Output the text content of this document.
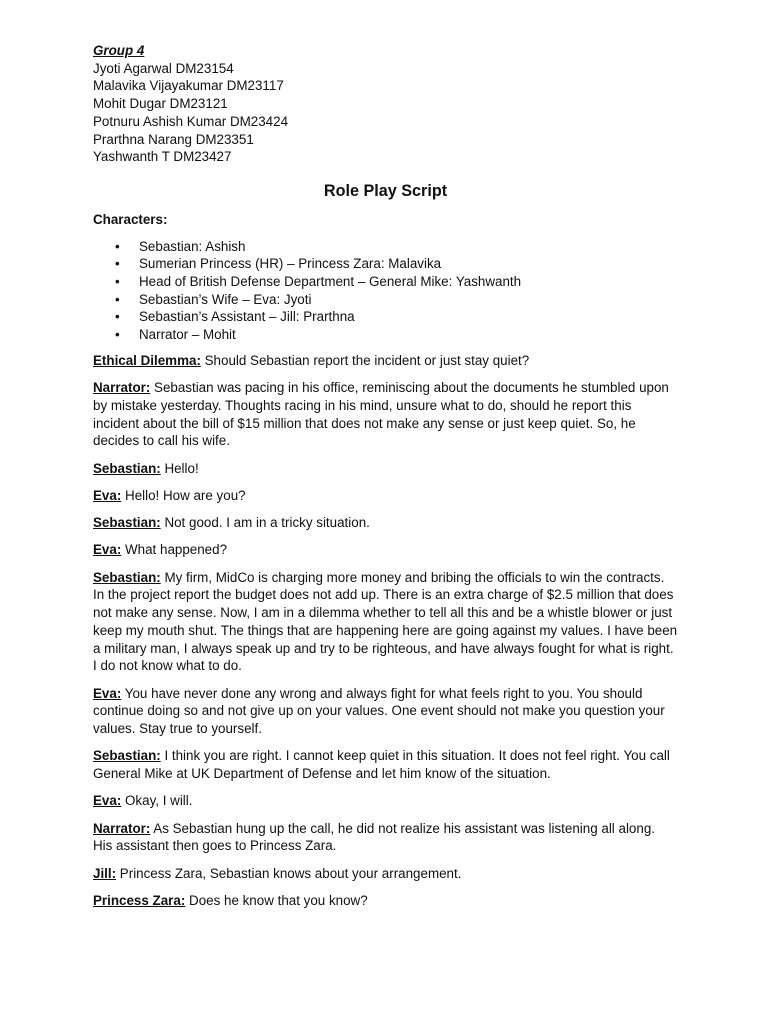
Group 4

Jyoti Agarwal DM23154

Malavika Vijayakumar DM23117

Mohit Dugar DM23121

Potnuru Ashish Kumar DM23424

Prarthna Narang DM23351

Yashwanth T DM23427

Role Play Script

Characters:

• Sebastian: Ashish
• Sumerian Princess (HR) – Princess Zara: Malavika
• Head of British Defense Department – General Mike: Yashwanth
• Sebastian’s Wife – Eva: Jyoti
• Sebastian’s Assistant – Jill: Prarthna
• Narrator – Mohit

Ethical Dilemma: Should Sebastian report the incident or just stay quiet?

Narrator: Sebastian was pacing in his office, reminiscing about the documents he stumbled upon by mistake yesterday. Thoughts racing in his mind, unsure what to do, should he report this incident about the bill of $15 million that does not make any sense or just keep quiet. So, he decides to call his wife.

Sebastian: Hello!

Eva: Hello! How are you?

Sebastian: Not good. I am in a tricky situation.

Eva: What happened?

Sebastian: My firm, MidCo is charging more money and bribing the officials to win the contracts. In the project report the budget does not add up. There is an extra charge of $2.5 million that does not make any sense. Now, I am in a dilemma whether to tell all this and be a whistle blower or just keep my mouth shut. The things that are happening here are going against my values. I have been a military man, I always speak up and try to be righteous, and have always fought for what is right. I do not know what to do.

Eva: You have never done any wrong and always fight for what feels right to you. You should continue doing so and not give up on your values. One event should not make you question your values. Stay true to yourself.

Sebastian: I think you are right. I cannot keep quiet in this situation. It does not feel right. You call General Mike at UK Department of Defense and let him know of the situation.

Eva: Okay, I will.

Narrator: As Sebastian hung up the call, he did not realize his assistant was listening all along. His assistant then goes to Princess Zara.

Jill: Princess Zara, Sebastian knows about your arrangement.

Princess Zara: Does he know that you know?
